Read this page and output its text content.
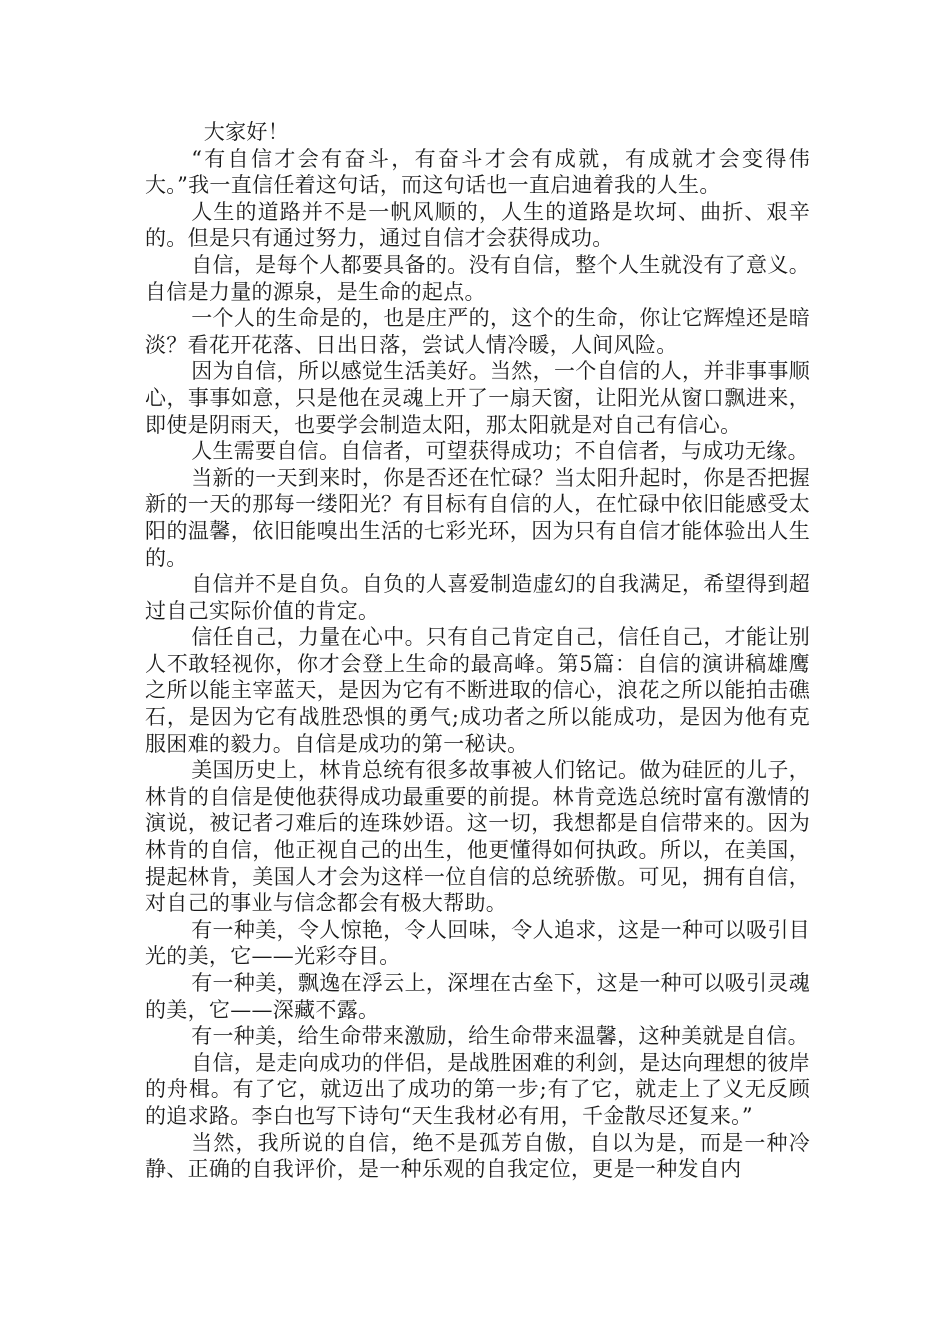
大家好！

“有自信才会有奋斗，有奋斗才会有成就，有成就才会变得伟大。”我一直信任着这句话，而这句话也一直启迪着我的人生。

人生的道路并不是一帆风顺的，人生的道路是坎坷、曲折、艰辛的。但是只有通过努力，通过自信才会获得成功。

自信，是每个人都要具备的。没有自信，整个人生就没有了意义。自信是力量的源泉，是生命的起点。

一个人的生命是的，也是庄严的，这个的生命，你让它辉煌还是暗淡？看花开花落、日出日落，尝试人情冷暖，人间风险。

因为自信，所以感觉生活美好。当然，一个自信的人，并非事事顺心，事事如意，只是他在灵魂上开了一扇天窗，让阳光从窗口飘进来，即使是阴雨天，也要学会制造太阳，那太阳就是对自己有信心。

人生需要自信。自信者，可望获得成功；不自信者，与成功无缘。

当新的一天到来时，你是否还在忙碌？当太阳升起时，你是否把握新的一天的那每一缕阳光？有目标有自信的人，在忙碌中依旧能感受太阳的温馨，依旧能嗅出生活的七彩光环，因为只有自信才能体验出人生的。

自信并不是自负。自负的人喜爱制造虚幻的自我满足，希望得到超过自己实际价值的肯定。

信任自己，力量在心中。只有自己肯定自己，信任自己，才能让别人不敢轻视你，你才会登上生命的最高峰。第5篇：自信的演讲稿雄鹰之所以能主宰蓝天，是因为它有不断进取的信心，浪花之所以能拍击礁石，是因为它有战胜恐惧的勇气;成功者之所以能成功，是因为他有克服困难的毅力。自信是成功的第一秘诀。

美国历史上，林肯总统有很多故事被人们铭记。做为硅匠的儿子，林肯的自信是使他获得成功最重要的前提。林肯竞选总统时富有激情的演说，被记者刁难后的连珠妙语。这一切，我想都是自信带来的。因为林肯的自信，他正视自己的出生，他更懂得如何执政。所以，在美国，提起林肯，美国人才会为这样一位自信的总统骄傲。可见，拥有自信，对自己的事业与信念都会有极大帮助。

有一种美，令人惊艳，令人回味，令人追求，这是一种可以吸引目光的美，它——光彩夺目。

有一种美，飘逸在浮云上，深埋在古垒下，这是一种可以吸引灵魂的美，它——深藏不露。

有一种美，给生命带来激励，给生命带来温馨，这种美就是自信。

自信，是走向成功的伴侣，是战胜困难的利剑，是达向理想的彼岸的舟楫。有了它，就迈出了成功的第一步;有了它，就走上了义无反顾的追求路。李白也写下诗句“天生我材必有用，千金散尽还复来。”

当然，我所说的自信，绝不是孤芳自傲，自以为是，而是一种冷静、正确的自我评价，是一种乐观的自我定位，更是一种发自内
